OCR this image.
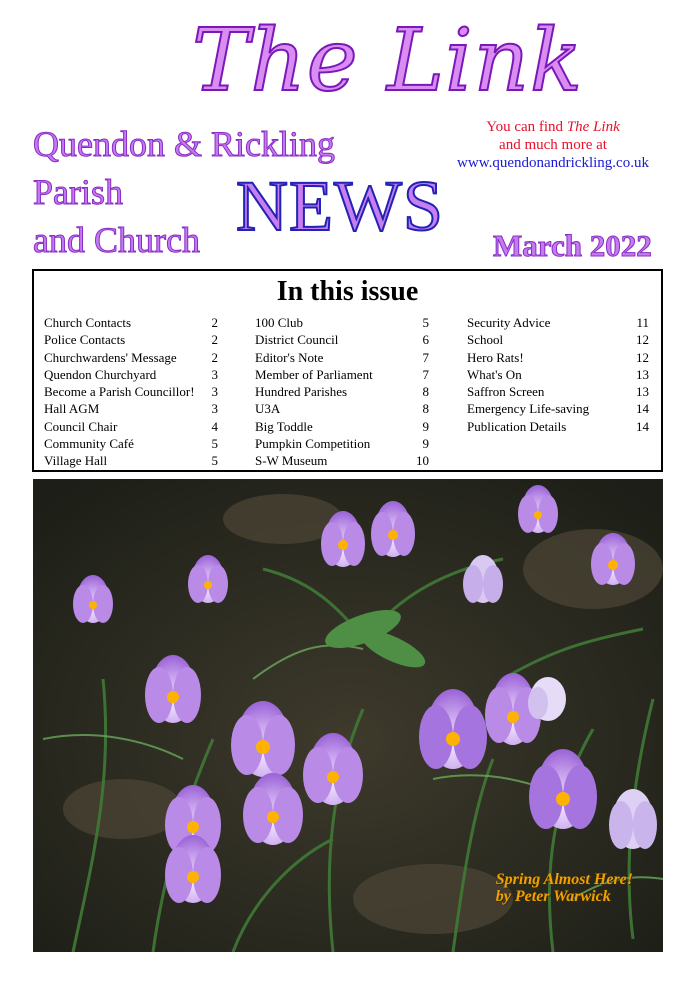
The Link
Quendon & Rickling
Parish
and Church NEWS March 2022
You can find The Link
and much more at
www.quendonandrickling.co.uk
In this issue
Church Contacts	2
Police Contacts	2
Churchwardens' Message	2
Quendon Churchyard	3
Become a Parish Councillor! 3
Hall AGM	3
Council Chair	4
Community Café	5
Village Hall	5
100 Club	5
District Council	6
Editor's Note	7
Member of Parliament	7
Hundred Parishes	8
U3A	8
Big Toddle	9
Pumpkin Competition	9
S-W Museum	10
Security Advice	11
School	12
Hero Rats!	12
What's On	13
Saffron Screen	13
Emergency Life-saving	14
Publication Details	14
Spring Almost Here!
by Peter Warwick
